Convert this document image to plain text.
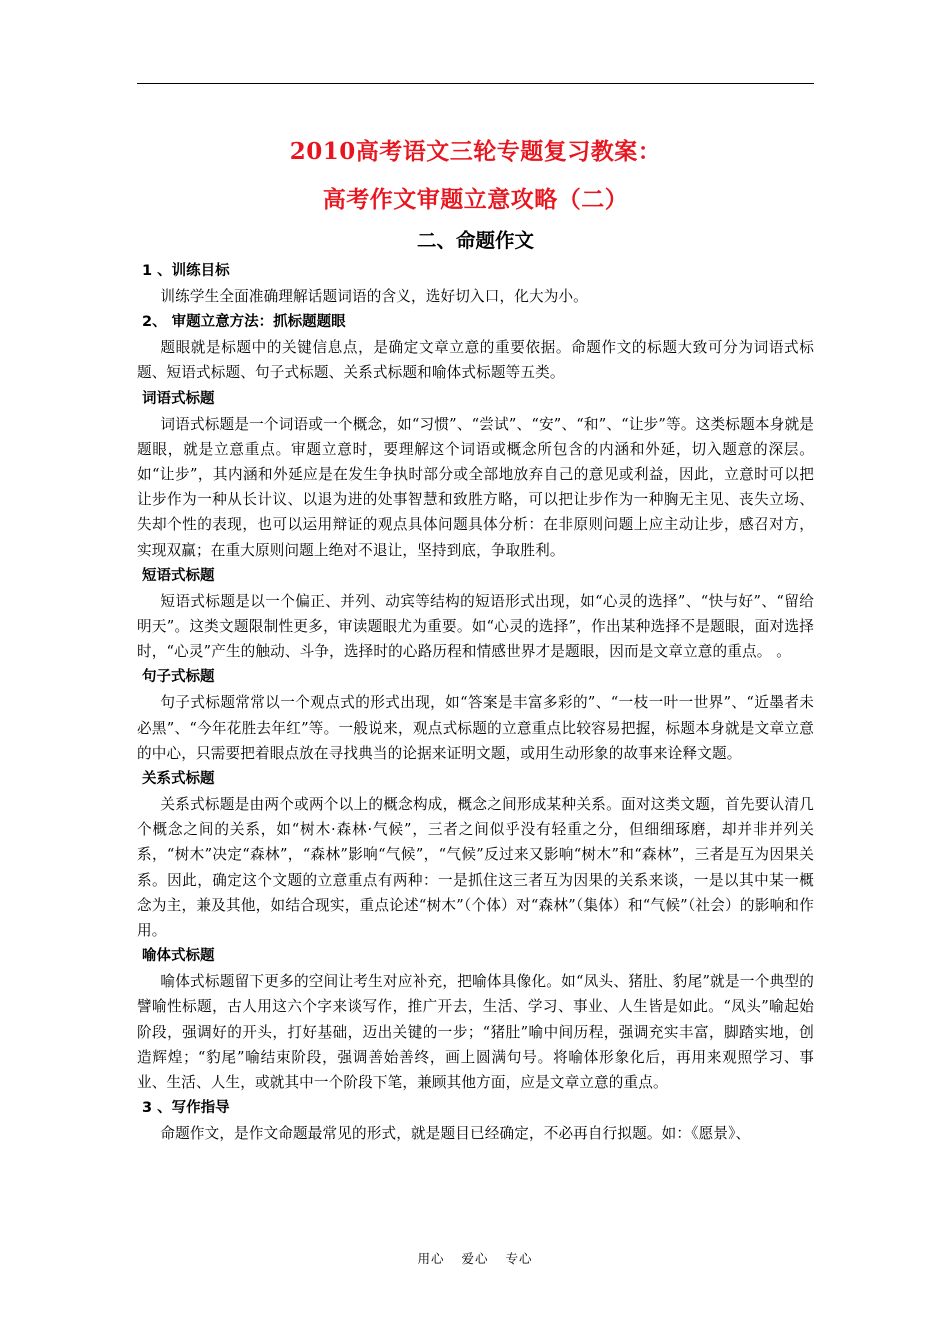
2010高考语文三轮专题复习教案：
高考作文审题立意攻略（二）
二、命题作文

1 、训练目标

训练学生全面准确理解话题词语的含义，选好切入口，化大为小。

2、 审题立意方法：抓标题题眼

题眼就是标题中的关键信息点，是确定文章立意的重要依据。命题作文的标题大致可分为词语式标题、短语式标题、句子式标题、关系式标题和喻体式标题等五类。

词语式标题

词语式标题是一个词语或一个概念，如“习惯”、“尝试”、“安”、“和”、“让步”等。这类标题本身就是题眼，就是立意重点。审题立意时，要理解这个词语或概念所包含的内涵和外延，切入题意的深层。如“让步”，其内涵和外延应是在发生争执时部分或全部地放弃自己的意见或利益，因此，立意时可以把让步作为一种从长计议、以退为进的处事智慧和致胜方略，可以把让步作为一种胸无主见、丧失立场、失却个性的表现，也可以运用辩证的观点具体问题具体分析：在非原则问题上应主动让步，感召对方，实现双赢；在重大原则问题上绝对不退让，坚持到底，争取胜利。

短语式标题

短语式标题是以一个偏正、并列、动宾等结构的短语形式出现，如“心灵的选择”、“快与好”、“留给明天”。这类文题限制性更多，审读题眼尤为重要。如“心灵的选择”，作出某种选择不是题眼，面对选择时，“心灵”产生的触动、斗争，选择时的心路历程和情感世界才是题眼，因而是文章立意的重点。 。

句子式标题

句子式标题常常以一个观点式的形式出现，如“答案是丰富多彩的”、“一枝一叶一世界”、“近墨者未必黑”、“今年花胜去年红”等。一般说来，观点式标题的立意重点比较容易把握，标题本身就是文章立意的中心，只需要把着眼点放在寻找典当的论据来证明文题，或用生动形象的故事来诠释文题。

关系式标题

关系式标题是由两个或两个以上的概念构成，概念之间形成某种关系。面对这类文题，首先要认清几个概念之间的关系，如“树木·森林·气候”，三者之间似乎没有轻重之分，但细细琢磨，却并非并列关系，“树木”决定“森林”，“森林”影响“气候”，“气候”反过来又影响“树木”和“森林”，三者是互为因果关系。因此，确定这个文题的立意重点有两种：一是抓住这三者互为因果的关系来谈，一是以其中某一概念为主，兼及其他，如结合现实，重点论述“树木”（个体）对“森林”（集体）和“气候”（社会）的影响和作用。

喻体式标题

喻体式标题留下更多的空间让考生对应补充，把喻体具像化。如“凤头、猪肚、豹尾”就是一个典型的譬喻性标题，古人用这六个字来谈写作，推广开去，生活、学习、事业、人生皆是如此。“凤头”喻起始阶段，强调好的开头，打好基础，迈出关键的一步；“猪肚”喻中间历程，强调充实丰富，脚踏实地，创造辉煌；“豹尾”喻结束阶段，强调善始善终，画上圆满句号。将喻体形象化后，再用来观照学习、事业、生活、人生，或就其中一个阶段下笔，兼顾其他方面，应是文章立意的重点。

3 、写作指导

命题作文，是作文命题最常见的形式，就是题目已经确定，不必再自行拟题。如：《愿景》、

用心 爱心 专心
